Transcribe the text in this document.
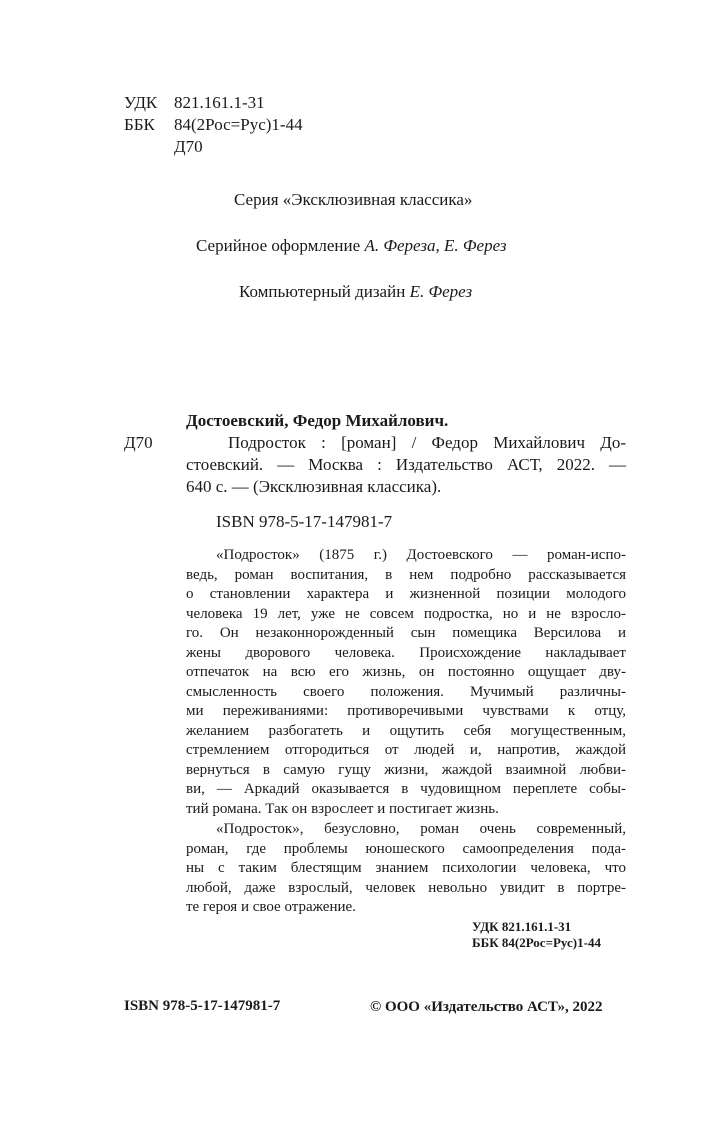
УДК 821.161.1-31
ББК 84(2Рос=Рус)1-44
Д70
Серия «Эксклюзивная классика»
Серийное оформление А. Фереза, Е. Ферез
Компьютерный дизайн Е. Ферез
Достоевский, Федор Михайлович.
Д70	Подросток : [роман] / Федор Михайлович До-
стоевский. — Москва : Издательство АСТ, 2022. —
640 с. — (Эксклюзивная классика).
ISBN 978-5-17-147981-7
«Подросток» (1875 г.) Достоевского — роман-испо-
ведь, роман воспитания, в нем подробно рассказывается
о становлении характера и жизненной позиции молодого
человека 19 лет, уже не совсем подростка, но и не взросло-
го. Он незаконнорожденный сын помещика Версилова и
жены дворового человека. Происхождение накладывает
отпечаток на всю его жизнь, он постоянно ощущает дву-
смысленность своего положения. Мучимый различны-
ми переживаниями: противоречивыми чувствами к отцу,
желанием разбогатеть и ощутить себя могущественным,
стремлением отгородиться от людей и, напротив, жаждой
вернуться в самую гущу жизни, жаждой взаимной любви-
ви, — Аркадий оказывается в чудовищном переплете собы-
тий романа. Так он взрослеет и постигает жизнь.
«Подросток», безусловно, роман очень современный,
роман, где проблемы юношеского самоопределения пода-
ны с таким блестящим знанием психологии человека, что
любой, даже взрослый, человек невольно увидит в портре-
те героя и свое отражение.
УДК 821.161.1-31
ББК 84(2Рос=Рус)1-44
ISBN 978-5-17-147981-7	© ООО «Издательство АСТ», 2022
